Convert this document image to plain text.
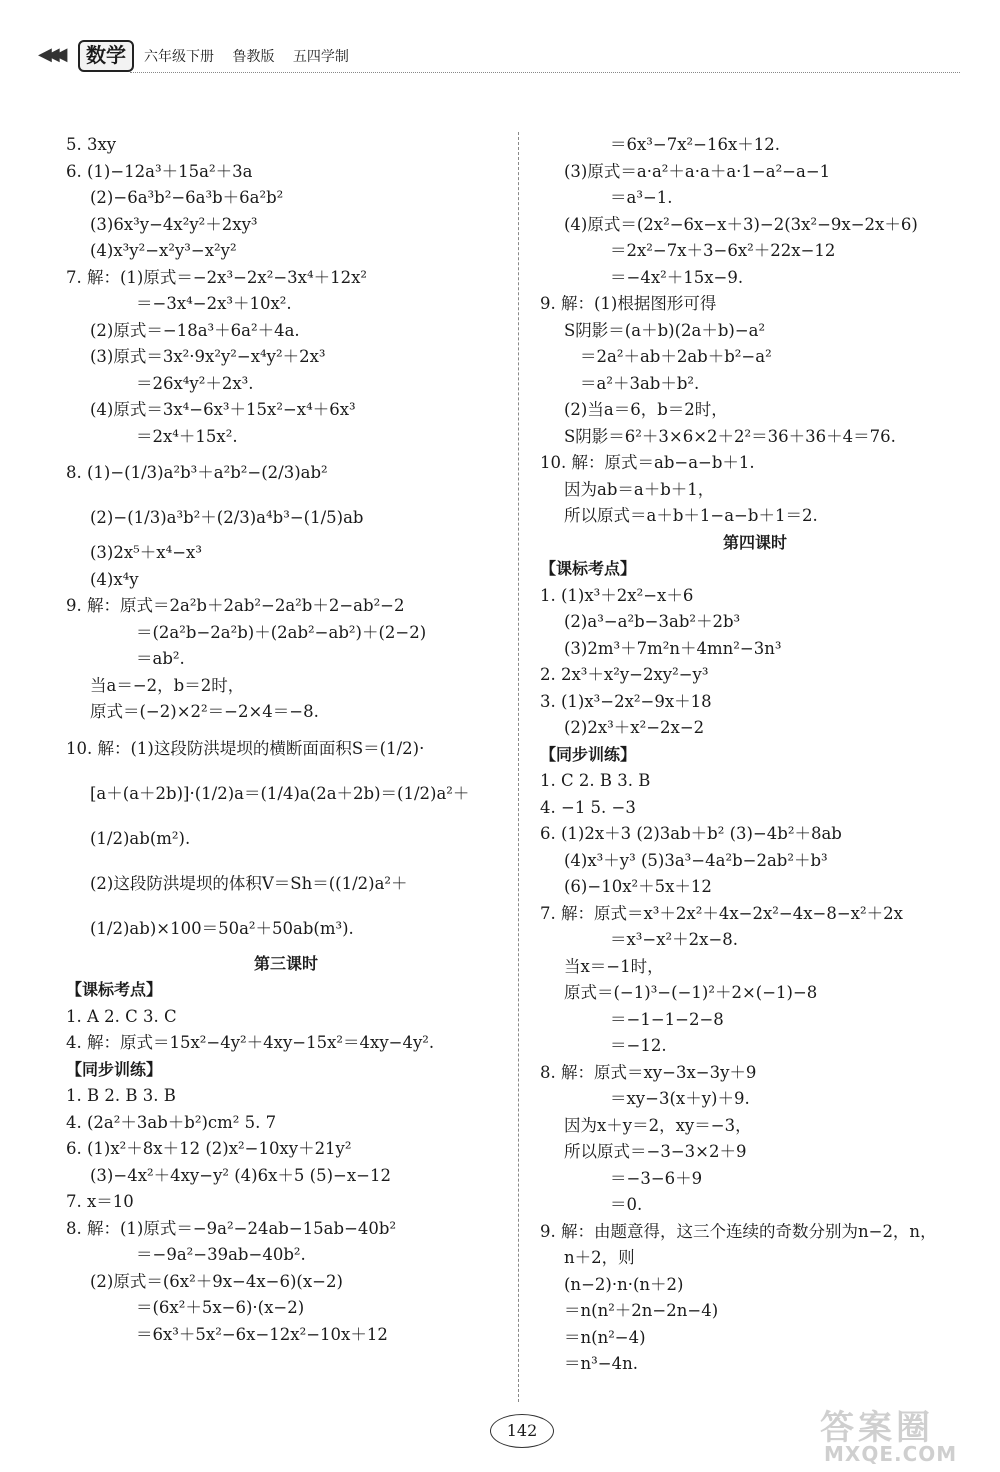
◀◀◀	数学	六年级下册 鲁教版 五四学制
5. 3xy
6. (1)−12a³＋15a²＋3a
(2)−6a³b²−6a³b＋6a²b²
(3)6x³y−4x²y²＋2xy³
(4)x³y²−x²y³−x²y²
7. 解：(1)原式＝−2x³−2x²−3x⁴＋12x²
＝−3x⁴−2x³＋10x².
(2)原式＝−18a³＋6a²＋4a.
(3)原式＝3x²·9x²y²−x⁴y²＋2x³
＝26x⁴y²＋2x³.
(4)原式＝3x⁴−6x³＋15x²−x⁴＋6x³
＝2x⁴＋15x².
8. (1)−(1/3)a²b³＋a²b²−(2/3)ab²
(2)−(1/3)a³b²＋(2/3)a⁴b³−(1/5)ab
(3)2x⁵＋x⁴−x³
(4)x⁴y
9. 解：原式＝2a²b＋2ab²−2a²b＋2−ab²−2
＝(2a²b−2a²b)＋(2ab²−ab²)＋(2−2)
＝ab².
当a＝−2，b＝2时，
原式＝(−2)×2²＝−2×4＝−8.
10. 解：(1)这段防洪堤坝的横断面面积S＝(1/2)·
[a＋(a＋2b)]·(1/2)a＝(1/4)a(2a＋2b)＝(1/2)a²＋
(1/2)ab(m²).
(2)这段防洪堤坝的体积V＝Sh＝((1/2)a²＋
(1/2)ab)×100＝50a²＋50ab(m³).
第三课时
【课标考点】
1. A 2. C 3. C
4. 解：原式＝15x²−4y²＋4xy−15x²＝4xy−4y².
【同步训练】
1. B 2. B 3. B
4. (2a²＋3ab＋b²)cm² 5. 7
6. (1)x²＋8x＋12 (2)x²−10xy＋21y²
(3)−4x²＋4xy−y² (4)6x＋5 (5)−x−12
7. x＝10
8. 解：(1)原式＝−9a²−24ab−15ab−40b²
＝−9a²−39ab−40b².
(2)原式＝(6x²＋9x−4x−6)(x−2)
＝(6x²＋5x−6)·(x−2)
＝6x³＋5x²−6x−12x²−10x＋12
＝6x³−7x²−16x＋12.
(3)原式＝a·a²＋a·a＋a·1−a²−a−1
＝a³−1.
(4)原式＝(2x²−6x−x＋3)−2(3x²−9x−2x＋6)
＝2x²−7x＋3−6x²＋22x−12
＝−4x²＋15x−9.
9. 解：(1)根据图形可得
S阴影＝(a＋b)(2a＋b)−a²
＝2a²＋ab＋2ab＋b²−a²
＝a²＋3ab＋b².
(2)当a＝6，b＝2时，
S阴影＝6²＋3×6×2＋2²＝36＋36＋4＝76.
10. 解：原式＝ab−a−b＋1.
因为ab＝a＋b＋1，
所以原式＝a＋b＋1−a−b＋1＝2.
第四课时
【课标考点】
1. (1)x³＋2x²−x＋6
(2)a³−a²b−3ab²＋2b³
(3)2m³＋7m²n＋4mn²−3n³
2. 2x³＋x²y−2xy²−y³
3. (1)x³−2x²−9x＋18
(2)2x³＋x²−2x−2
【同步训练】
1. C 2. B 3. B
4. −1 5. −3
6. (1)2x＋3 (2)3ab＋b² (3)−4b²＋8ab
(4)x³＋y³ (5)3a³−4a²b−2ab²＋b³
(6)−10x²＋5x＋12
7. 解：原式＝x³＋2x²＋4x−2x²−4x−8−x²＋2x
＝x³−x²＋2x−8.
当x＝−1时，
原式＝(−1)³−(−1)²＋2×(−1)−8
＝−1−1−2−8
＝−12.
8. 解：原式＝xy−3x−3y＋9
＝xy−3(x＋y)＋9.
因为x＋y＝2，xy＝−3，
所以原式＝−3−3×2＋9
＝−3−6＋9
＝0.
9. 解：由题意得，这三个连续的奇数分别为n−2，n，
n＋2，则
(n−2)·n·(n＋2)
＝n(n²＋2n−2n−4)
＝n(n²−4)
＝n³−4n.
142	答案圈
MXQE.COM
